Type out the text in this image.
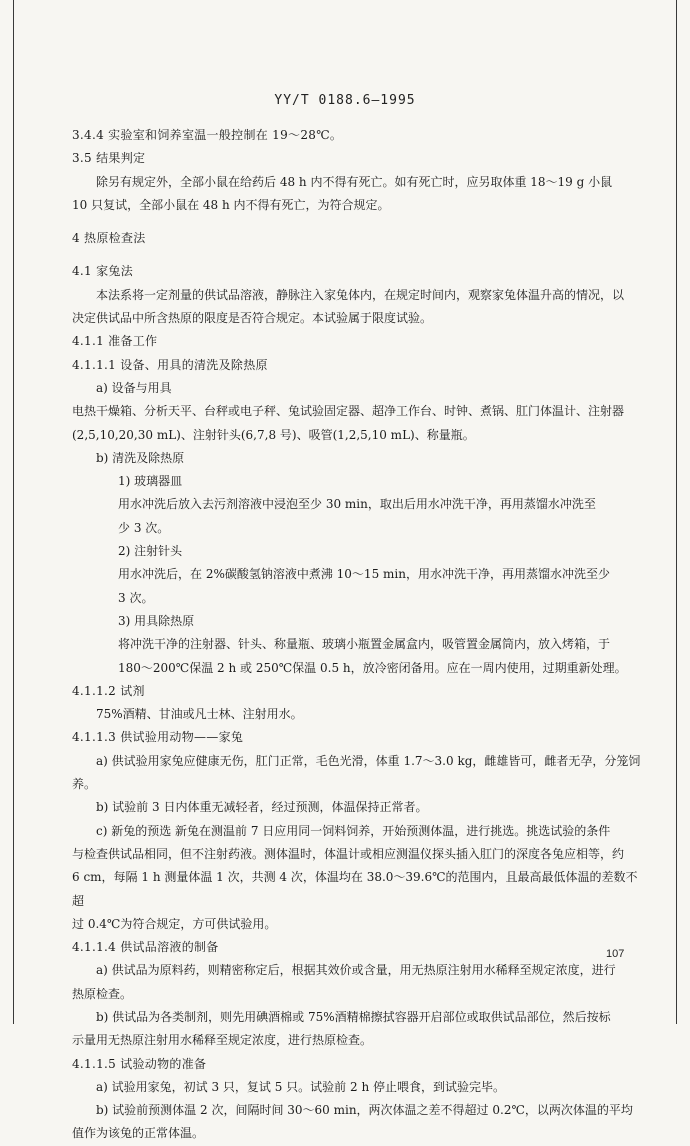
YY/T 0188.6—1995

3.4.4 实验室和饲养室温一般控制在 19～28℃。

3.5 结果判定

除另有规定外，全部小鼠在给药后 48 h 内不得有死亡。如有死亡时，应另取体重 18～19 g 小鼠

10 只复试，全部小鼠在 48 h 内不得有死亡，为符合规定。

4 热原检查法

4.1 家兔法

本法系将一定剂量的供试品溶液，静脉注入家兔体内，在规定时间内，观察家兔体温升高的情况，以

决定供试品中所含热原的限度是否符合规定。本试验属于限度试验。

4.1.1 准备工作

4.1.1.1 设备、用具的清洗及除热原

a) 设备与用具

电热干燥箱、分析天平、台秤或电子秤、兔试验固定器、超净工作台、时钟、煮锅、肛门体温计、注射器

(2,5,10,20,30 mL)、注射针头(6,7,8 号)、吸管(1,2,5,10 mL)、称量瓶。

b) 清洗及除热原

1) 玻璃器皿

用水冲洗后放入去污剂溶液中浸泡至少 30 min，取出后用水冲洗干净，再用蒸馏水冲洗至

少 3 次。

2) 注射针头

用水冲洗后，在 2%碳酸氢钠溶液中煮沸 10～15 min，用水冲洗干净，再用蒸馏水冲洗至少

3 次。

3) 用具除热原

将冲洗干净的注射器、针头、称量瓶、玻璃小瓶置金属盒内，吸管置金属筒内，放入烤箱，于

180～200℃保温 2 h 或 250℃保温 0.5 h，放冷密闭备用。应在一周内使用，过期重新处理。

4.1.1.2 试剂

75%酒精、甘油或凡士林、注射用水。

4.1.1.3 供试验用动物——家兔

a) 供试验用家兔应健康无伤，肛门正常，毛色光滑，体重 1.7～3.0 kg，雌雄皆可，雌者无孕，分笼饲

养。

b) 试验前 3 日内体重无减轻者，经过预测，体温保持正常者。

c) 新兔的预选 新兔在测温前 7 日应用同一饲料饲养，开始预测体温，进行挑选。挑选试验的条件

与检查供试品相同，但不注射药液。测体温时，体温计或相应测温仪探头插入肛门的深度各兔应相等，约

6 cm，每隔 1 h 测量体温 1 次，共测 4 次，体温均在 38.0～39.6℃的范围内，且最高最低体温的差数不超

过 0.4℃为符合规定，方可供试验用。

4.1.1.4 供试品溶液的制备

a) 供试品为原料药，则精密称定后，根据其效价或含量，用无热原注射用水稀释至规定浓度，进行

热原检查。

b) 供试品为各类制剂，则先用碘酒棉或 75%酒精棉擦拭容器开启部位或取供试品部位，然后按标

示量用无热原注射用水稀释至规定浓度，进行热原检查。

4.1.1.5 试验动物的准备

a) 试验用家兔，初试 3 只，复试 5 只。试验前 2 h 停止喂食，到试验完毕。

b) 试验前预测体温 2 次，间隔时间 30～60 min，两次体温之差不得超过 0.2℃，以两次体温的平均

值作为该兔的正常体温。

107
